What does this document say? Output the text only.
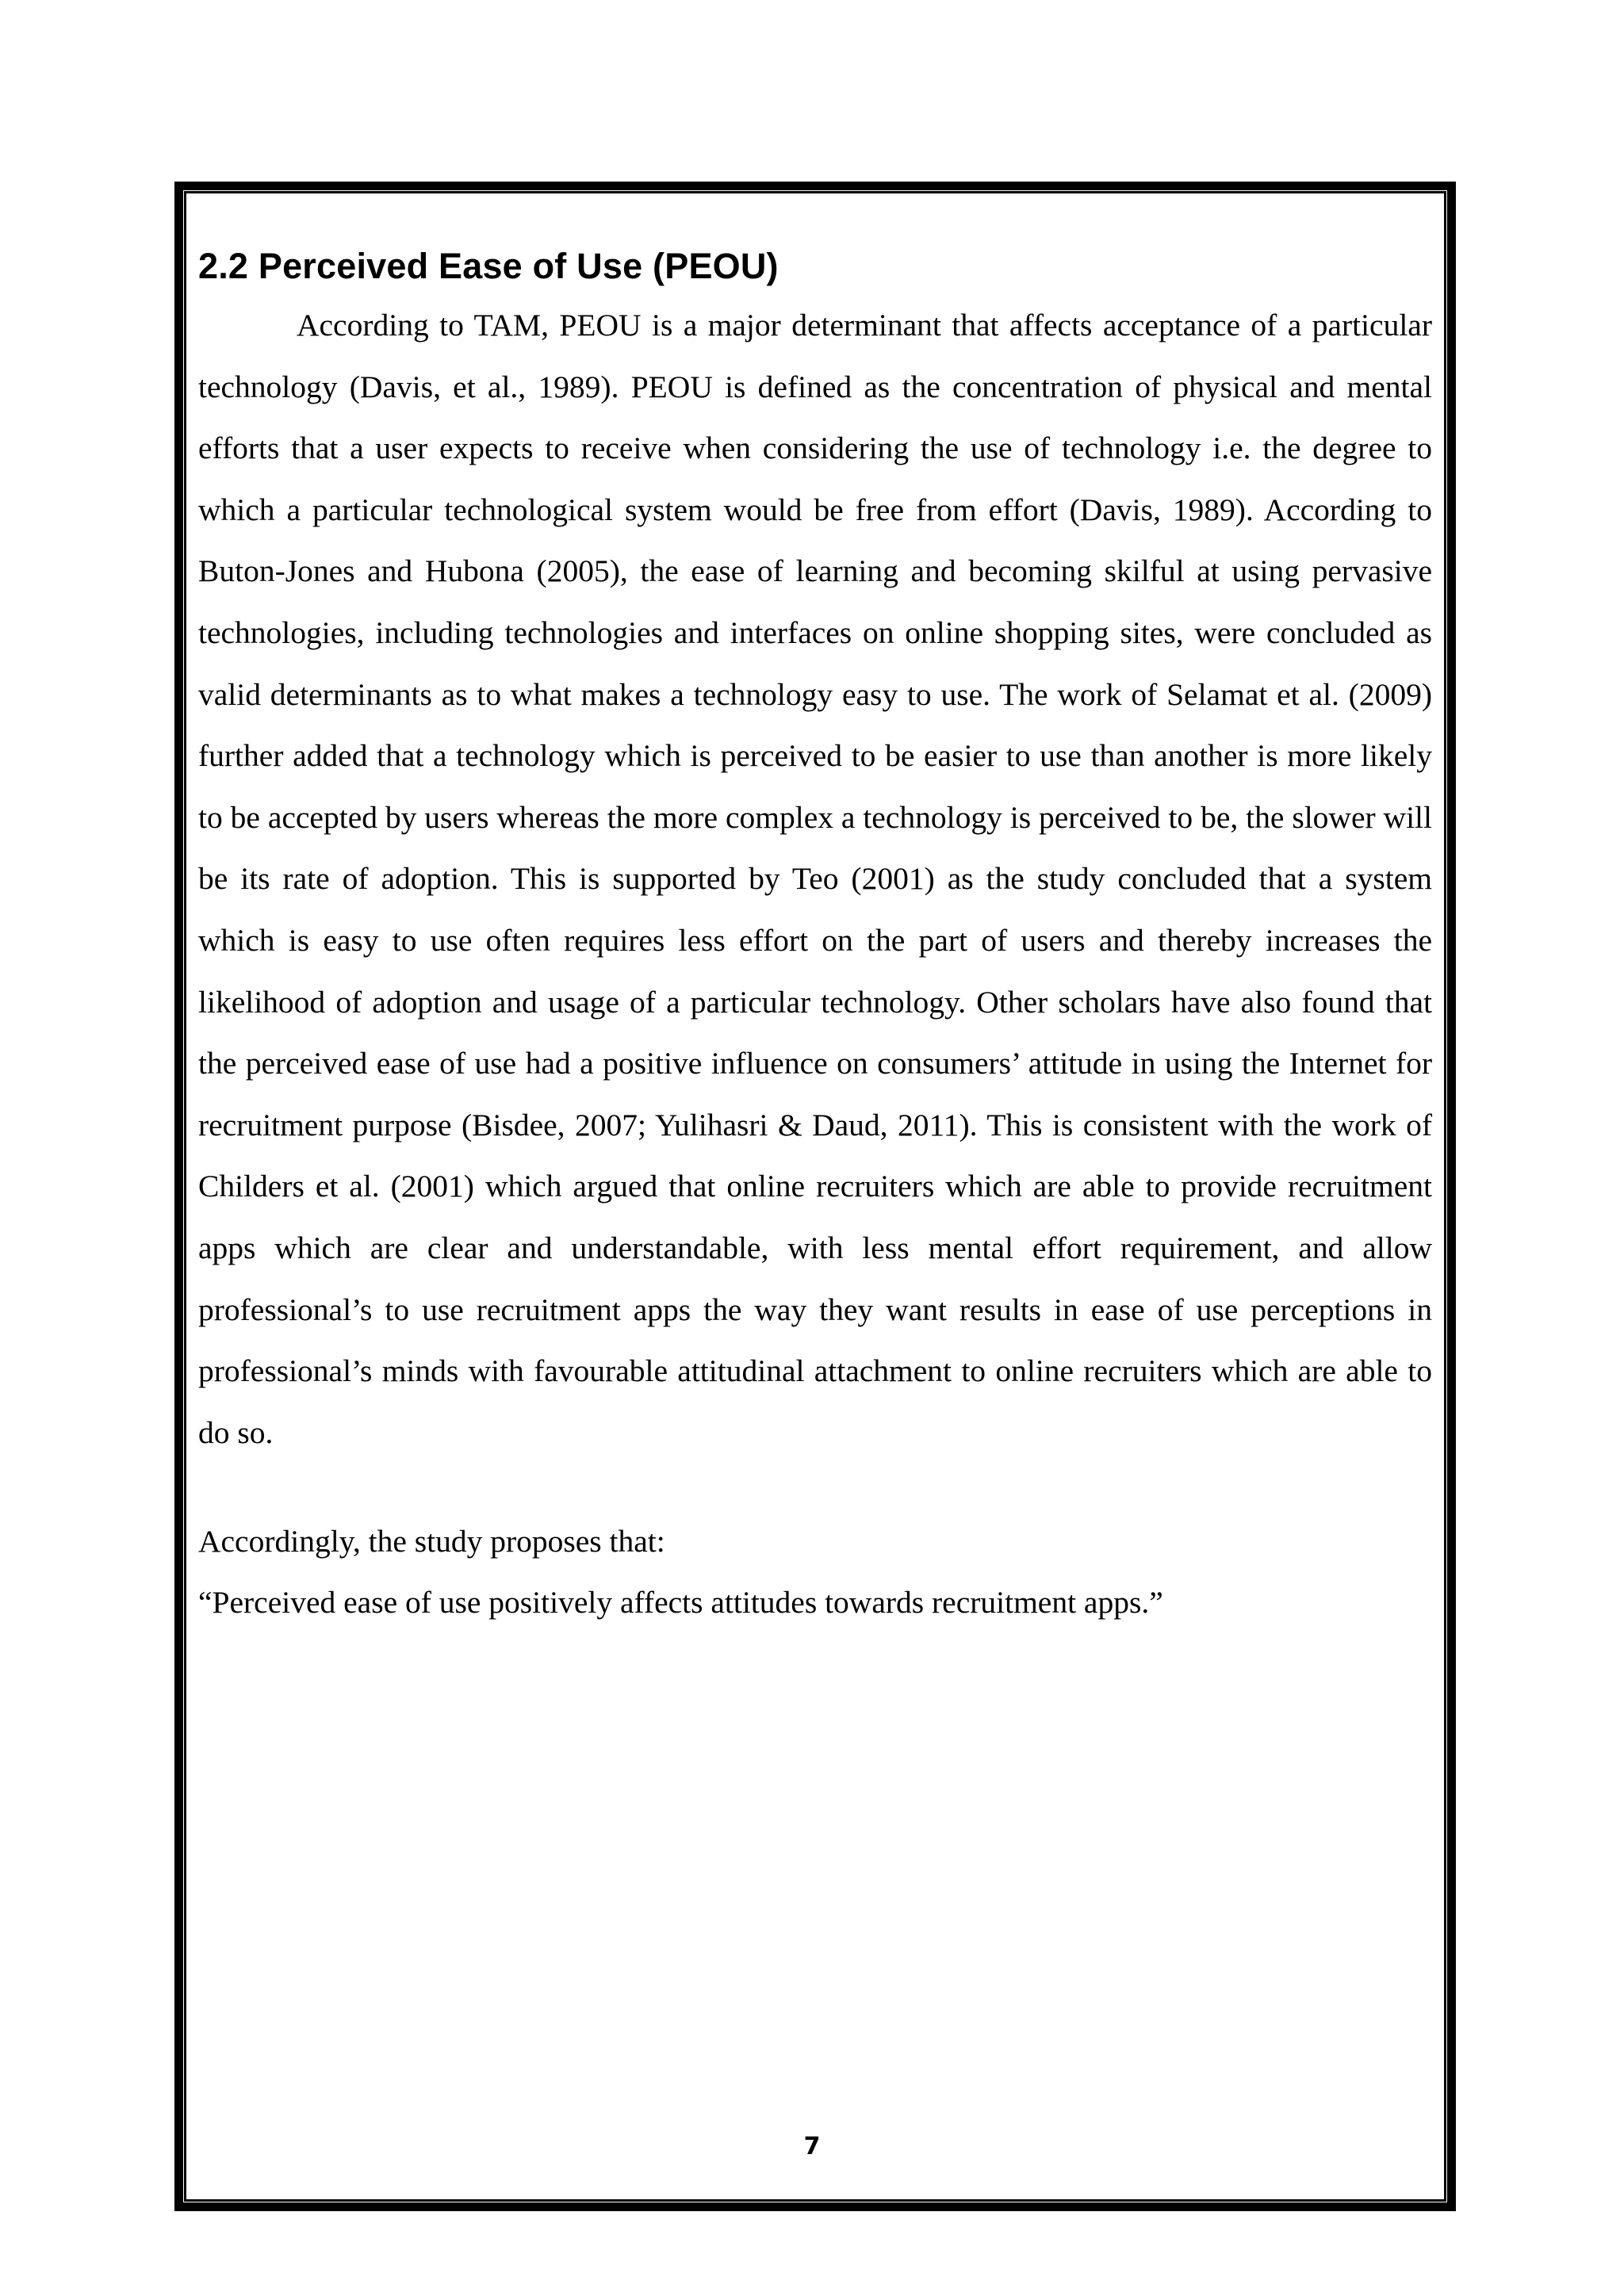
2.2 Perceived Ease of Use (PEOU)

According to TAM, PEOU is a major determinant that affects acceptance of a particular technology (Davis, et al., 1989). PEOU is defined as the concentration of physical and mental efforts that a user expects to receive when considering the use of technology i.e. the degree to which a particular technological system would be free from effort (Davis, 1989). According to Buton-Jones and Hubona (2005), the ease of learning and becoming skilful at using pervasive technologies, including technologies and interfaces on online shopping sites, were concluded as valid determinants as to what makes a technology easy to use. The work of Selamat et al. (2009) further added that a technology which is perceived to be easier to use than another is more likely to be accepted by users whereas the more complex a technology is perceived to be, the slower will be its rate of adoption. This is supported by Teo (2001) as the study concluded that a system which is easy to use often requires less effort on the part of users and thereby increases the likelihood of adoption and usage of a particular technology. Other scholars have also found that the perceived ease of use had a positive influence on consumers’ attitude in using the Internet for recruitment purpose (Bisdee, 2007; Yulihasri & Daud, 2011). This is consistent with the work of Childers et al. (2001) which argued that online recruiters which are able to provide recruitment apps which are clear and understandable, with less mental effort requirement, and allow professional’s to use recruitment apps the way they want results in ease of use perceptions in professional’s minds with favourable attitudinal attachment to online recruiters which are able to do so.

Accordingly, the study proposes that:

“Perceived ease of use positively affects attitudes towards recruitment apps.”

7
